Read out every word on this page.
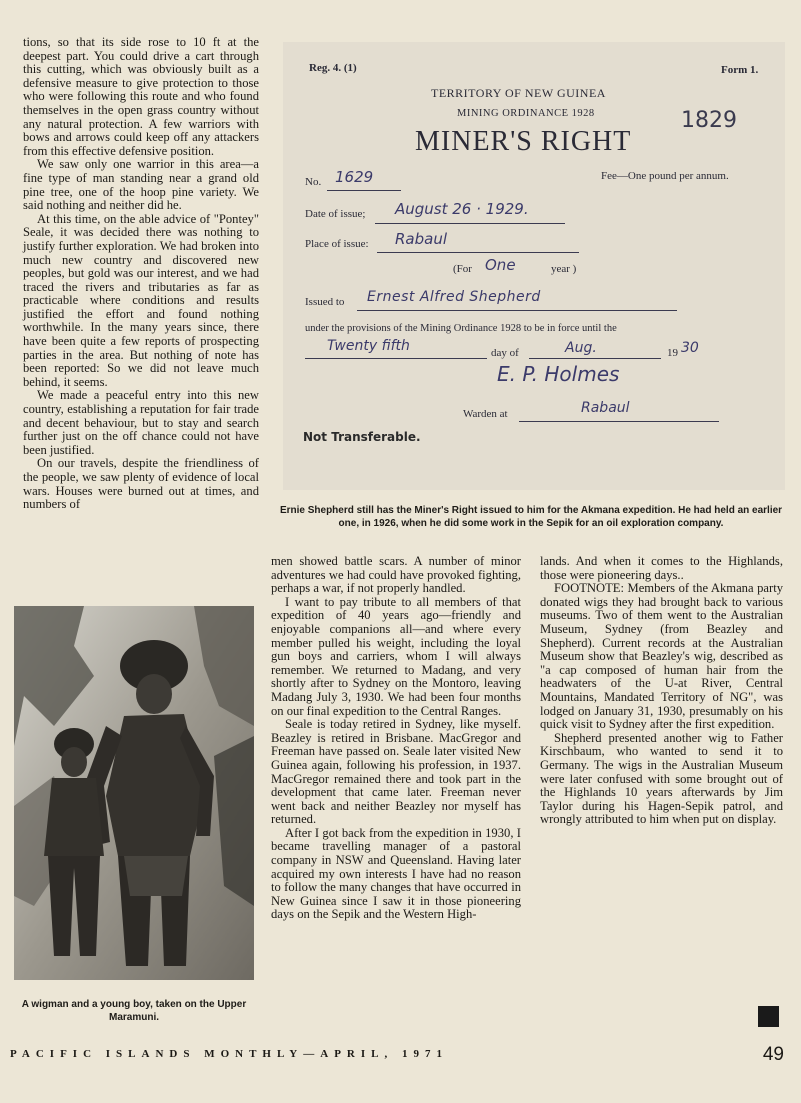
tions, so that its side rose to 10 ft at the deepest part. You could drive a cart through this cutting, which was obviously built as a defensive measure to give protection to those who were following this route and who found themselves in the open grass country without any natural protection. A few warriors with bows and arrows could keep off any attackers from this effective defensive position.

We saw only one warrior in this area—a fine type of man standing near a grand old pine tree, one of the hoop pine variety. We said nothing and neither did he.

At this time, on the able advice of "Pontey" Seale, it was decided there was nothing to justify further exploration. We had broken into much new country and discovered new peoples, but gold was our interest, and we had traced the rivers and tributaries as far as practicable where conditions and results justified the effort and found nothing worthwhile. In the many years since, there have been quite a few reports of prospecting parties in the area. But nothing of note has been reported: So we did not leave much behind, it seems.

We made a peaceful entry into this new country, establishing a reputation for fair trade and decent behaviour, but to stay and search further just on the off chance could not have been justified.

On our travels, despite the friendliness of the people, we saw plenty of evidence of local wars. Houses were burned out at times, and numbers of

men showed battle scars. A number of minor adventures we had could have provoked fighting, perhaps a war, if not properly handled.

I want to pay tribute to all members of that expedition of 40 years ago—friendly and enjoyable companions all—and where every member pulled his weight, including the loyal gun boys and carriers, whom I will always remember. We returned to Madang, and very shortly after to Sydney on the Montoro, leaving Madang July 3, 1930. We had been four months on our final expedition to the Central Ranges.

Seale is today retired in Sydney, like myself. Beazley is retired in Brisbane. MacGregor and Freeman have passed on. Seale later visited New Guinea again, following his profession, in 1937. MacGregor remained there and took part in the development that came later. Freeman never went back and neither Beazley nor myself has returned.

After I got back from the expedition in 1930, I became travelling manager of a pastoral company in NSW and Queensland. Having later acquired my own interests I have had no reason to follow the many changes that have occurred in New Guinea since I saw it in those pioneering days on the Sepik and the Western High-

lands. And when it comes to the Highlands, those were pioneering days..

FOOTNOTE: Members of the Akmana party donated wigs they had brought back to various museums. Two of them went to the Australian Museum, Sydney (from Beazley and Shepherd). Current records at the Australian Museum show that Beazley's wig, described as "a cap composed of human hair from the headwaters of the U-at River, Central Mountains, Mandated Territory of NG", was lodged on January 31, 1930, presumably on his quick visit to Sydney after the first expedition.

Shepherd presented another wig to Father Kirschbaum, who wanted to send it to Germany. The wigs in the Australian Museum were later confused with some brought out of the Highlands 10 years afterwards by Jim Taylor during his Hagen-Sepik patrol, and wrongly attributed to him when put on display.

Reg. 4. (1)	Form 1.
TERRITORY OF NEW GUINEA
MINING ORDINANCE 1928
MINER'S RIGHT
1829
No. 1629	Fee—One pound per annum.
Date of issue; August 26 · 1929.
Place of issue: Rabaul
(For One	year )
Issued to Ernest Alfred Shepherd
under the provisions of the Mining Ordinance 1928 to be in force until the
Twenty fifth	day of	Aug.	19 30
E. P. Holmes
Warden at	Rabaul
Not Transferable.
Ernie Shepherd still has the Miner's Right issued to him for the Akmana expedition. He had held an earlier one, in 1926, when he did some work in the Sepik for an oil exploration company.
A wigman and a young boy, taken on the Upper Maramuni.
PACIFIC ISLANDS MONTHLY—APRIL, 1971	49
